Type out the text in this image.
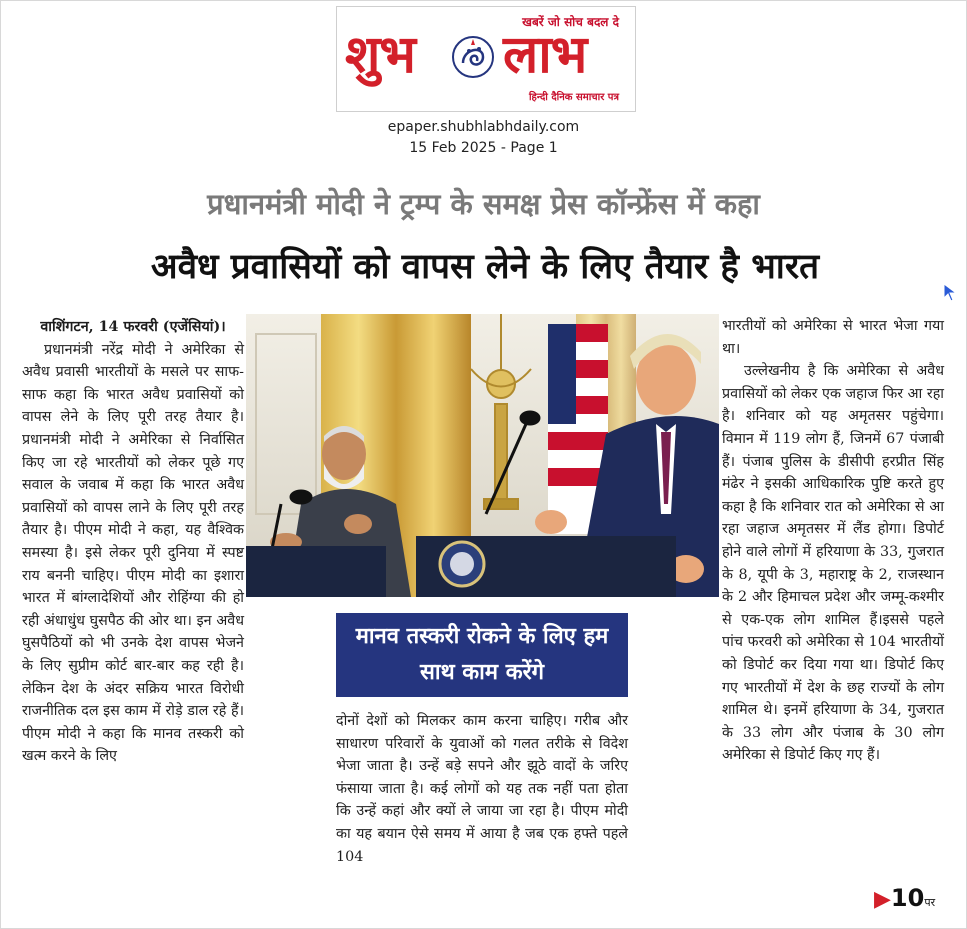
खबरें जो सोच बदल दे
शुभ लाभ
हिन्दी दैनिक समाचार पत्र
epaper.shubhlabhdaily.com
15 Feb 2025 - Page 1
प्रधानमंत्री मोदी ने ट्रम्प के समक्ष प्रेस कॉन्फ्रेंस में कहा
अवैध प्रवासियों को वापस लेने के लिए तैयार है भारत

वाशिंगटन, 14 फरवरी (एजेंसियां)।

प्रधानमंत्री नरेंद्र मोदी ने अमेरिका से अवैध प्रवासी भारतीयों के मसले पर साफ-साफ कहा कि भारत अवैध प्रवासियों को वापस लेने के लिए पूरी तरह तैयार है। प्रधानमंत्री मोदी ने अमेरिका से निर्वासित किए जा रहे भारतीयों को लेकर पूछे गए सवाल के जवाब में कहा कि भारत अवैध प्रवासियों को वापस लाने के लिए पूरी तरह तैयार है। पीएम मोदी ने कहा, यह वैश्विक समस्या है। इसे लेकर पूरी दुनिया में स्पष्ट राय बननी चाहिए। पीएम मोदी का इशारा भारत में बांग्लादेशियों और रोहिंग्या की हो रही अंधाधुंध घुसपैठ की ओर था। इन अवैध घुसपैठियों को भी उनके देश वापस भेजने के लिए सुप्रीम कोर्ट बार-बार कह रही है। लेकिन देश के अंदर सक्रिय भारत विरोधी राजनीतिक दल इस काम में रोड़े डाल रहे हैं।पीएम मोदी ने कहा कि मानव तस्करी को खत्म करने के लिए

मानव तस्करी रोकने के लिए हम साथ काम करेंगे

दोनों देशों को मिलकर काम करना चाहिए। गरीब और साधारण परिवारों के युवाओं को गलत तरीके से विदेश भेजा जाता है। उन्हें बड़े सपने और झूठे वादों के जरिए फंसाया जाता है। कई लोगों को यह तक नहीं पता होता कि उन्हें कहां और क्यों ले जाया जा रहा है। पीएम मोदी का यह बयान ऐसे समय में आया है जब एक हफ्ते पहले 104

भारतीयों को अमेरिका से भारत भेजा गया था।

उल्लेखनीय है कि अमेरिका से अवैध प्रवासियों को लेकर एक जहाज फिर आ रहा है। शनिवार को यह अमृतसर पहुंचेगा। विमान में 119 लोग हैं, जिनमें 67 पंजाबी हैं। पंजाब पुलिस के डीसीपी हरप्रीत सिंह मंढेर ने इसकी आधिकारिक पुष्टि करते हुए कहा है कि शनिवार रात को अमेरिका से आ रहा जहाज अमृतसर में लैंड होगा। डिपोर्ट होने वाले लोगों में हरियाणा के 33, गुजरात के 8, यूपी के 3, महाराष्ट्र के 2, राजस्थान के 2 और हिमाचल प्रदेश और जम्मू-कश्मीर से एक-एक लोग शामिल हैं।इससे पहले पांच फरवरी को अमेरिका से 104 भारतीयों को डिपोर्ट कर दिया गया था। डिपोर्ट किए गए भारतीयों में देश के छह राज्यों के लोग शामिल थे। इनमें हरियाणा के 34, गुजरात के 33 लोग और पंजाब के 30 लोग अमेरिका से डिपोर्ट किए गए हैं।

▶10पर
